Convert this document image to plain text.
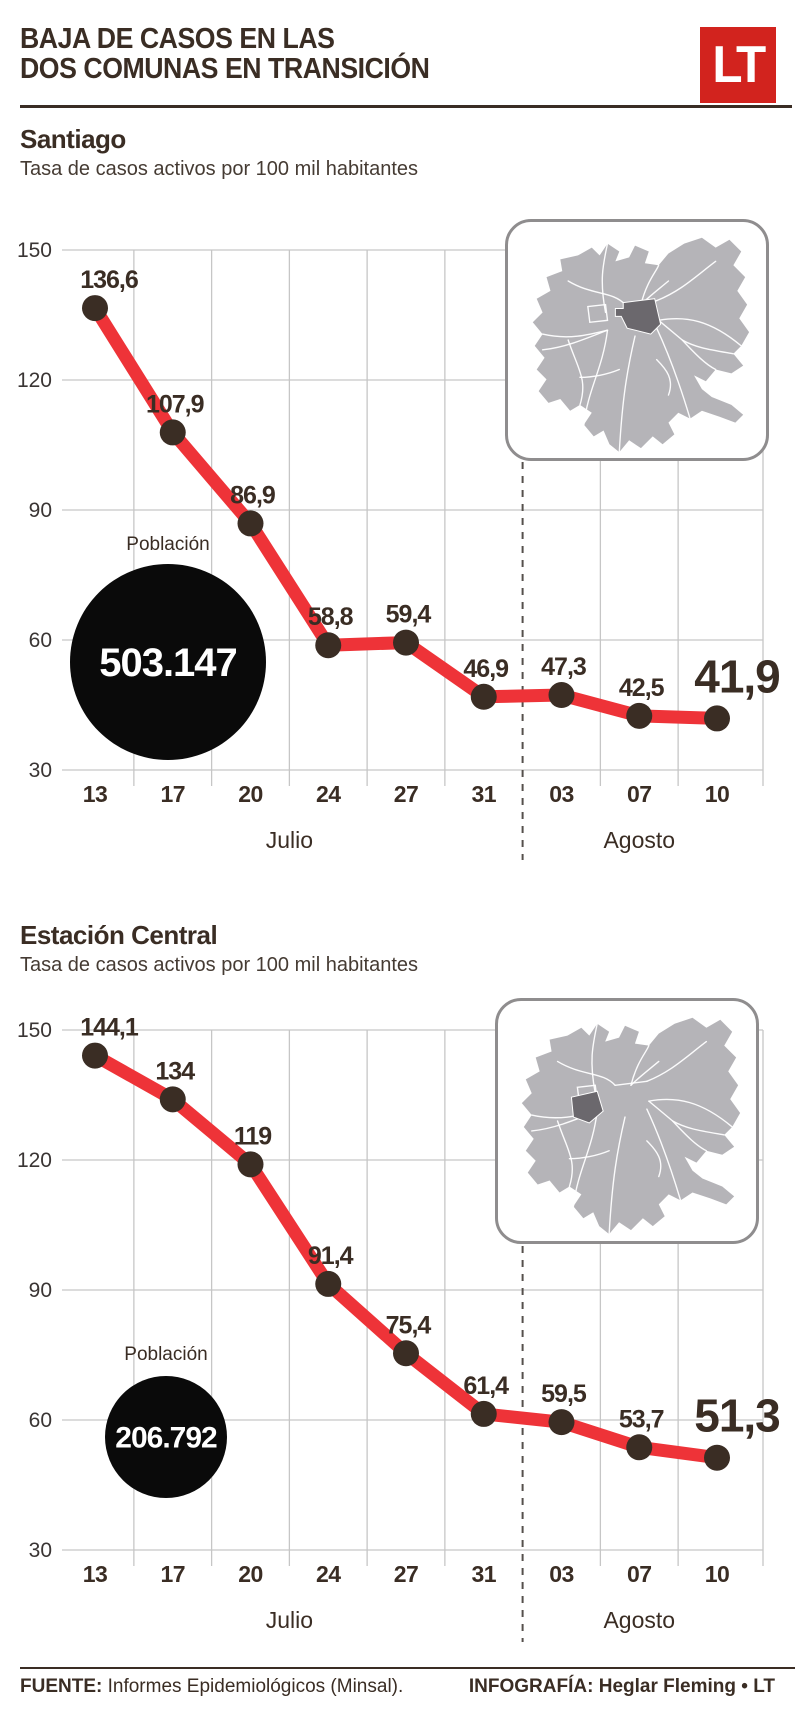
BAJA DE CASOS EN LAS
DOS COMUNAS EN TRANSICIÓN	LT
Santiago
Tasa de casos activos por 100 mil habitantes
150
120
90
60
30
Población
503.147
136,6
107,9
86,9
58,8 59,4
46,9 47,3
42,5 41,9
13 17 20 24 27 31 03 07 10
Julio	Agosto
Estación Central
Tasa de casos activos por 100 mil habitantes
150
120
90
60
30
Población
206.792
144,1
134
119
91,4
75,4
61,4 59,5
53,7 51,3
13 17 20 24 27 31 03 07 10
Julio	Agosto
FUENTE: Informes Epidemiológicos (Minsal).	INFOGRAFÍA: Heglar Fleming • LT
